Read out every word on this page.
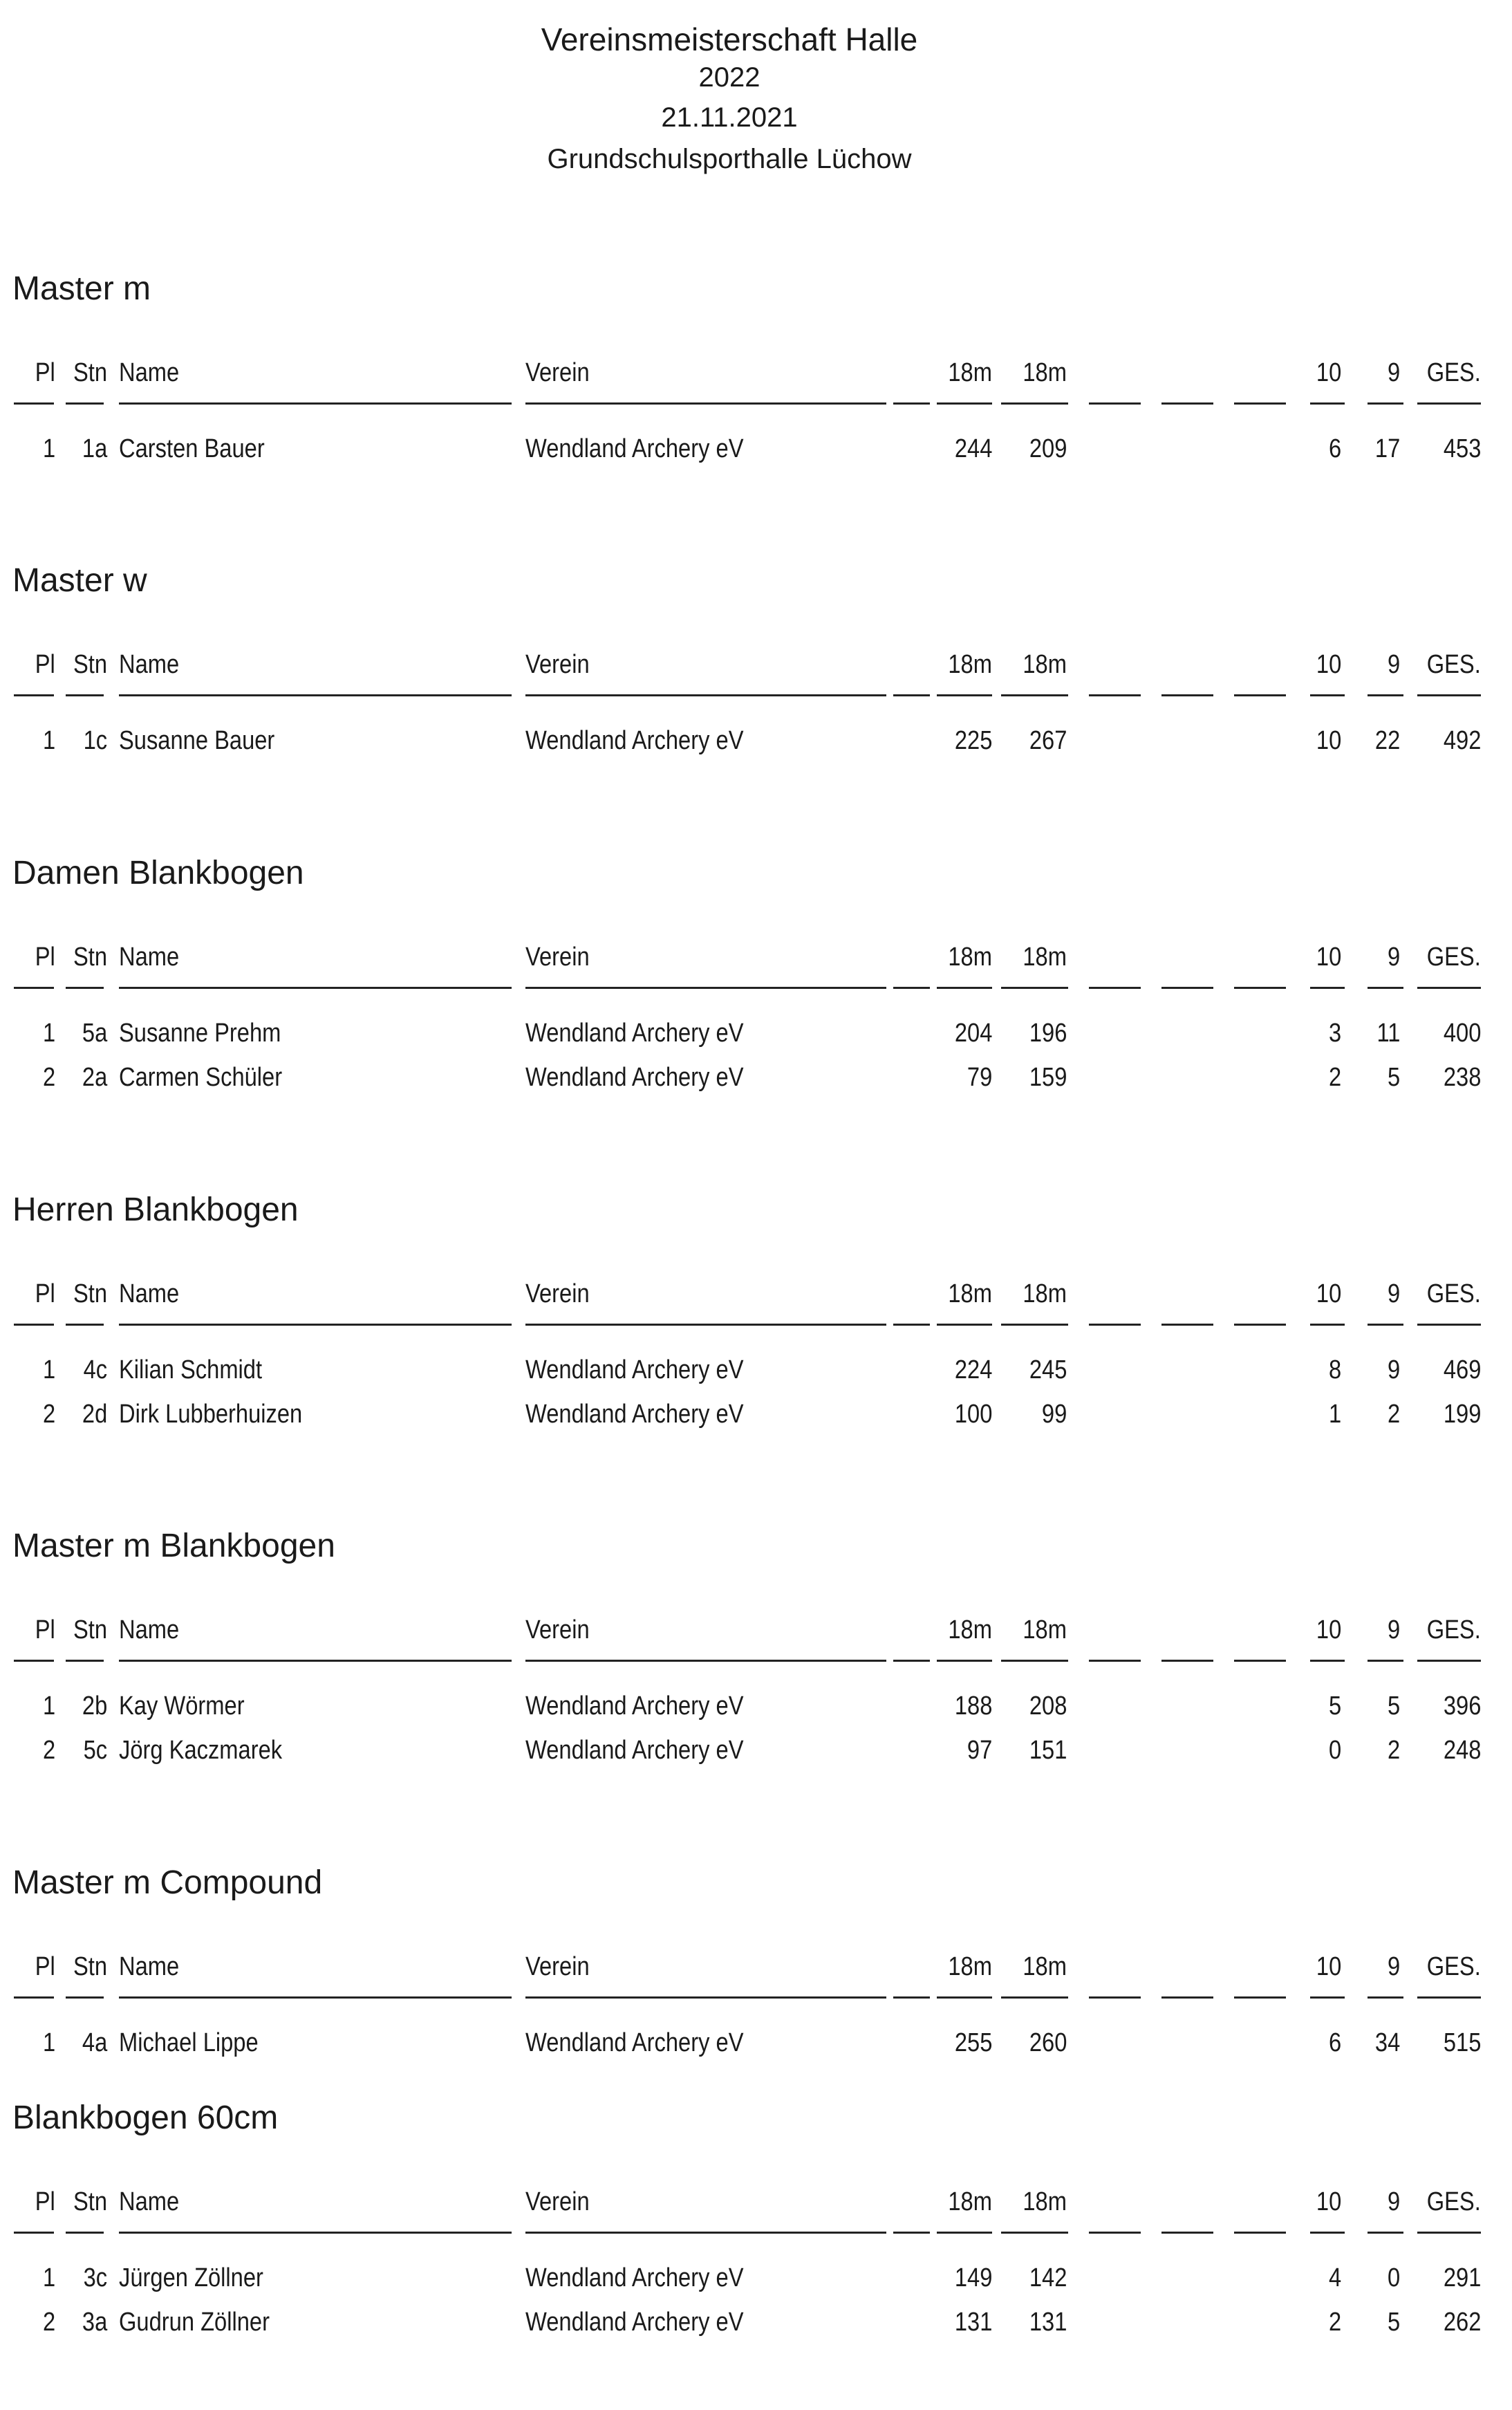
Vereinsmeisterschaft Halle
2022
21.11.2021
Grundschulsporthalle Lüchow
Master m
Pl Stn Name	Verein	18m	18m	10	9	GES.
1	1a Carsten Bauer	Wendland Archery eV	244	209	6	17	453
Master w
Pl Stn Name	Verein	18m	18m	10	9	GES.
1	1c Susanne Bauer	Wendland Archery eV	225	267	10	22	492
Damen Blankbogen
Pl Stn Name	Verein	18m	18m	10	9	GES.
1	5a Susanne Prehm	Wendland Archery eV	204	196	3	11	400
2	2a Carmen Schüler	Wendland Archery eV	79	159	2	5	238
Herren Blankbogen
Pl Stn Name	Verein	18m	18m	10	9	GES.
1	4c Kilian Schmidt	Wendland Archery eV	224	245	8	9	469
2	2d Dirk Lubberhuizen	Wendland Archery eV	100	99	1	2	199
Master m Blankbogen
Pl Stn Name	Verein	18m	18m	10	9	GES.
1	2b Kay Wörmer	Wendland Archery eV	188	208	5	5	396
2	5c Jörg Kaczmarek	Wendland Archery eV	97	151	0	2	248
Master m Compound
Pl Stn Name	Verein	18m	18m	10	9	GES.
1	4a Michael Lippe	Wendland Archery eV	255	260	6	34	515
Blankbogen 60cm
Pl Stn Name	Verein	18m	18m	10	9	GES.
1	3c Jürgen Zöllner	Wendland Archery eV	149	142	4	0	291
2	3a Gudrun Zöllner	Wendland Archery eV	131	131	2	5	262
